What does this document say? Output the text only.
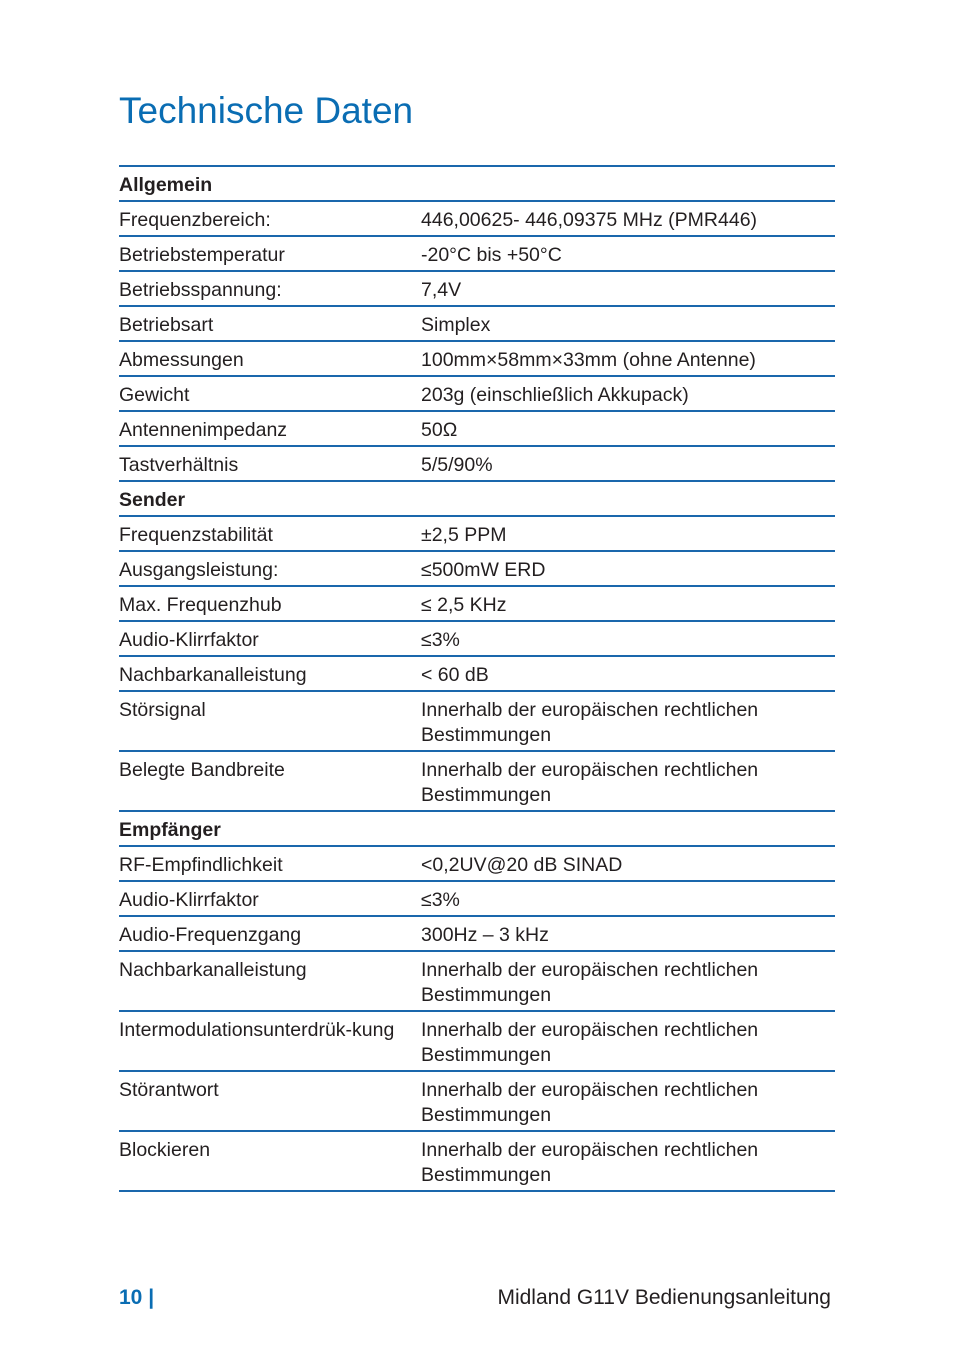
Technische Daten
Allgemein	
Frequenzbereich:	446,00625- 446,09375 MHz (PMR446)
Betriebstemperatur	-20°C bis +50°C
Betriebsspannung:	7,4V
Betriebsart	Simplex
Abmessungen	100mm×58mm×33mm (ohne Antenne)
Gewicht	203g (einschließlich Akkupack)
Antennenimpedanz	50Ω
Tastverhältnis	5/5/90%
Sender	
Frequenzstabilität	±2,5 PPM
Ausgangsleistung:	≤500mW ERD
Max. Frequenzhub	≤ 2,5 KHz
Audio-Klirrfaktor	≤3%
Nachbarkanalleistung	< 60 dB
Störsignal	Innerhalb der europäischen rechtlichen Bestimmungen
Belegte Bandbreite	Innerhalb der europäischen rechtlichen Bestimmungen
Empfänger	
RF-Empfindlichkeit	<0,2UV@20 dB SINAD
Audio-Klirrfaktor	≤3%
Audio-Frequenzgang	300Hz – 3 kHz
Nachbarkanalleistung	Innerhalb der europäischen rechtlichen Bestimmungen
Intermodulationsunterdrük-kung	Innerhalb der europäischen rechtlichen Bestimmungen
Störantwort	Innerhalb der europäischen rechtlichen Bestimmungen
Blockieren	Innerhalb der europäischen rechtlichen Bestimmungen
10 |	Midland G11V Bedienungsanleitung
